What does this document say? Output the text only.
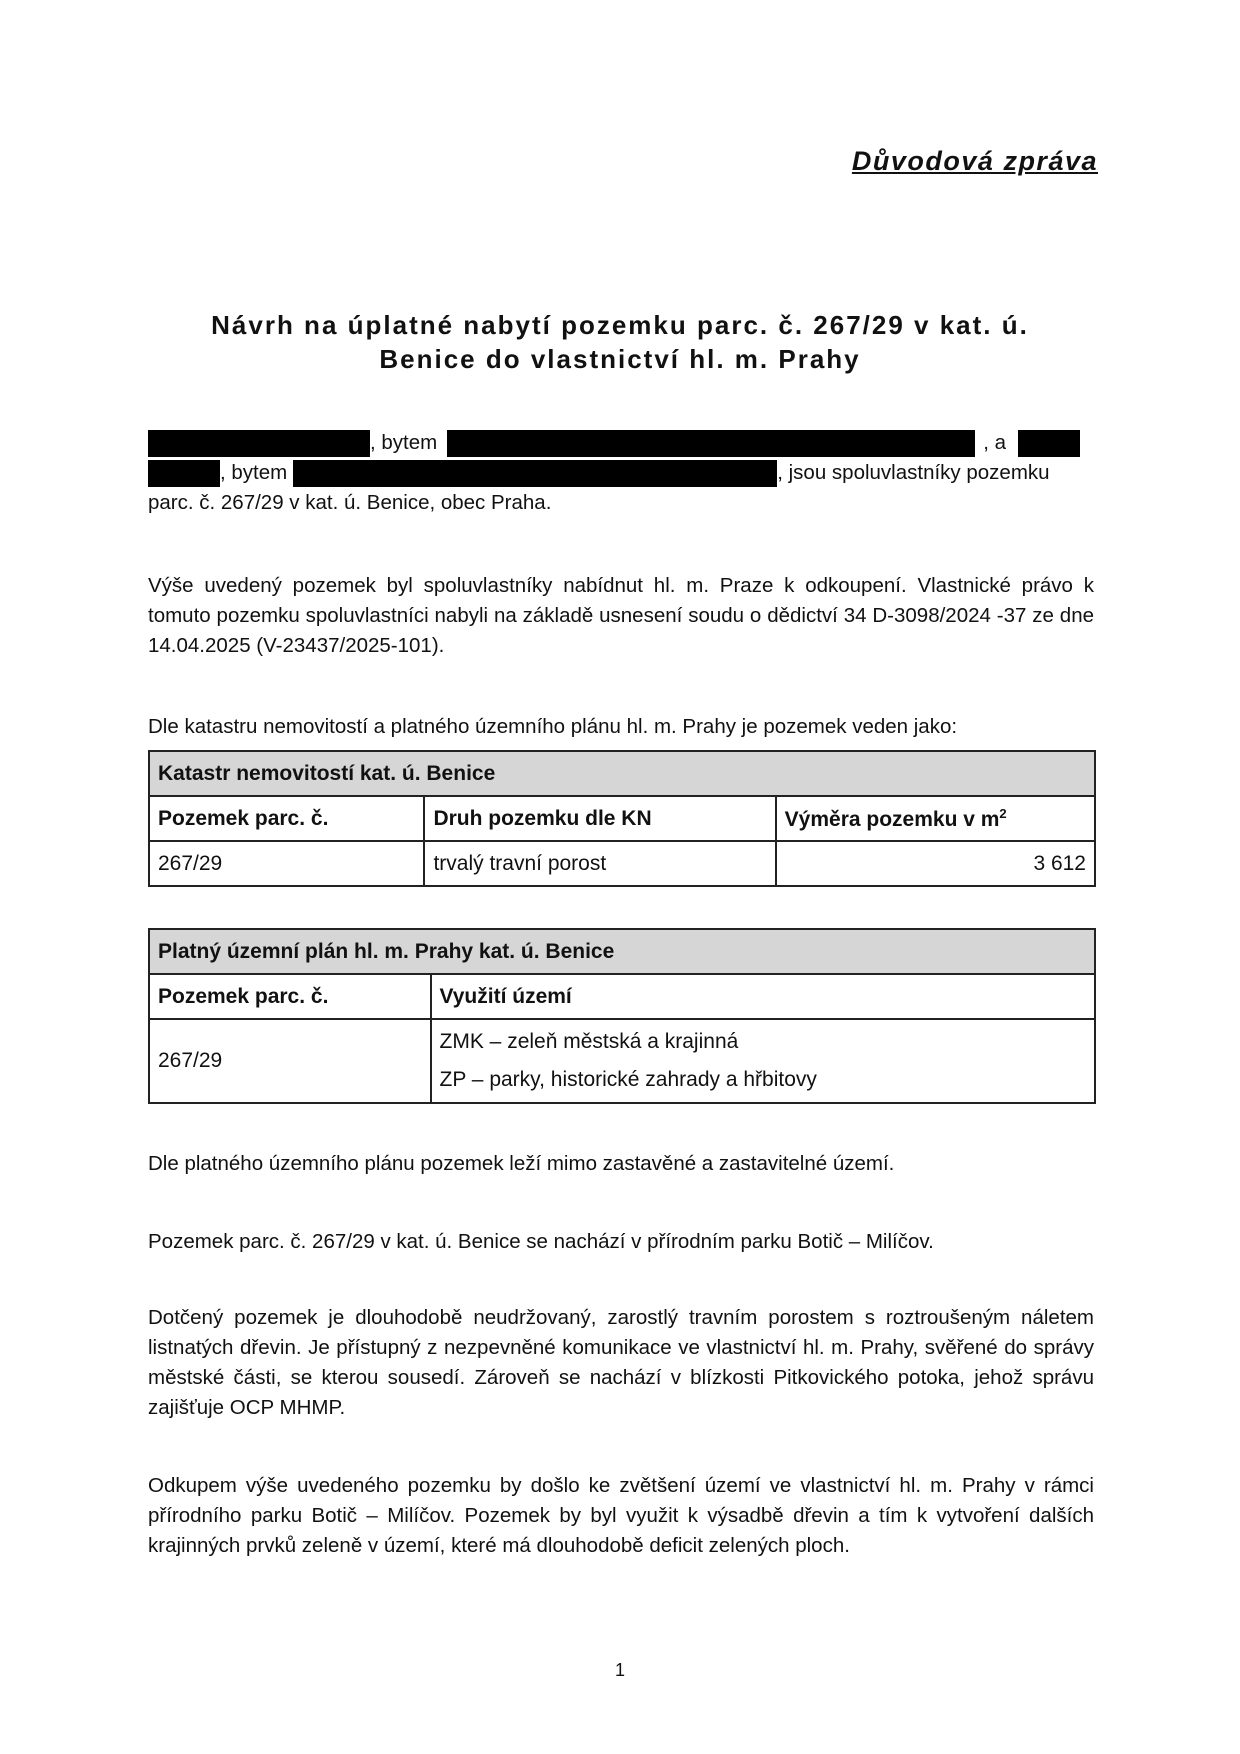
Důvodová zpráva
Návrh na úplatné nabytí pozemku parc. č. 267/29 v kat. ú.
Benice do vlastnictví hl. m. Prahy
, bytem	, a
, bytem	, jsou spoluvlastníky pozemku
parc. č. 267/29 v kat. ú. Benice, obec Praha.

Výše uvedený pozemek byl spoluvlastníky nabídnut hl. m. Praze k odkoupení. Vlastnické právo k tomuto pozemku spoluvlastníci nabyli na základě usnesení soudu o dědictví 34 D-3098/2024 -37 ze dne 14.04.2025 (V-23437/2025-101).

Dle katastru nemovitostí a platného územního plánu hl. m. Prahy je pozemek veden jako:

Katastr nemovitostí kat. ú. Benice		
Pozemek parc. č.	Druh pozemku dle KN	Výměra pozemku v $m^2$
267/29	trvalý travní porost	3 612
Platný územní plán hl. m. Prahy kat. ú. Benice	
Pozemek parc. č.	Využití území
267/29	ZMK – zeleň městská a krajinná
ZP – parky, historické zahrady a hřbitovy

Dle platného územního plánu pozemek leží mimo zastavěné a zastavitelné území.

Pozemek parc. č. 267/29 v kat. ú. Benice se nachází v přírodním parku Botič – Milíčov.

Dotčený pozemek je dlouhodobě neudržovaný, zarostlý travním porostem s roztroušeným náletem listnatých dřevin. Je přístupný z nezpevněné komunikace ve vlastnictví hl. m. Prahy, svěřené do správy městské části, se kterou sousedí. Zároveň se nachází v blízkosti Pitkovického potoka, jehož správu zajišťuje OCP MHMP.

Odkupem výše uvedeného pozemku by došlo ke zvětšení území ve vlastnictví hl. m. Prahy v rámci přírodního parku Botič – Milíčov. Pozemek by byl využit k výsadbě dřevin a tím k vytvoření dalších krajinných prvků zeleně v území, které má dlouhodobě deficit zelených ploch.

1
